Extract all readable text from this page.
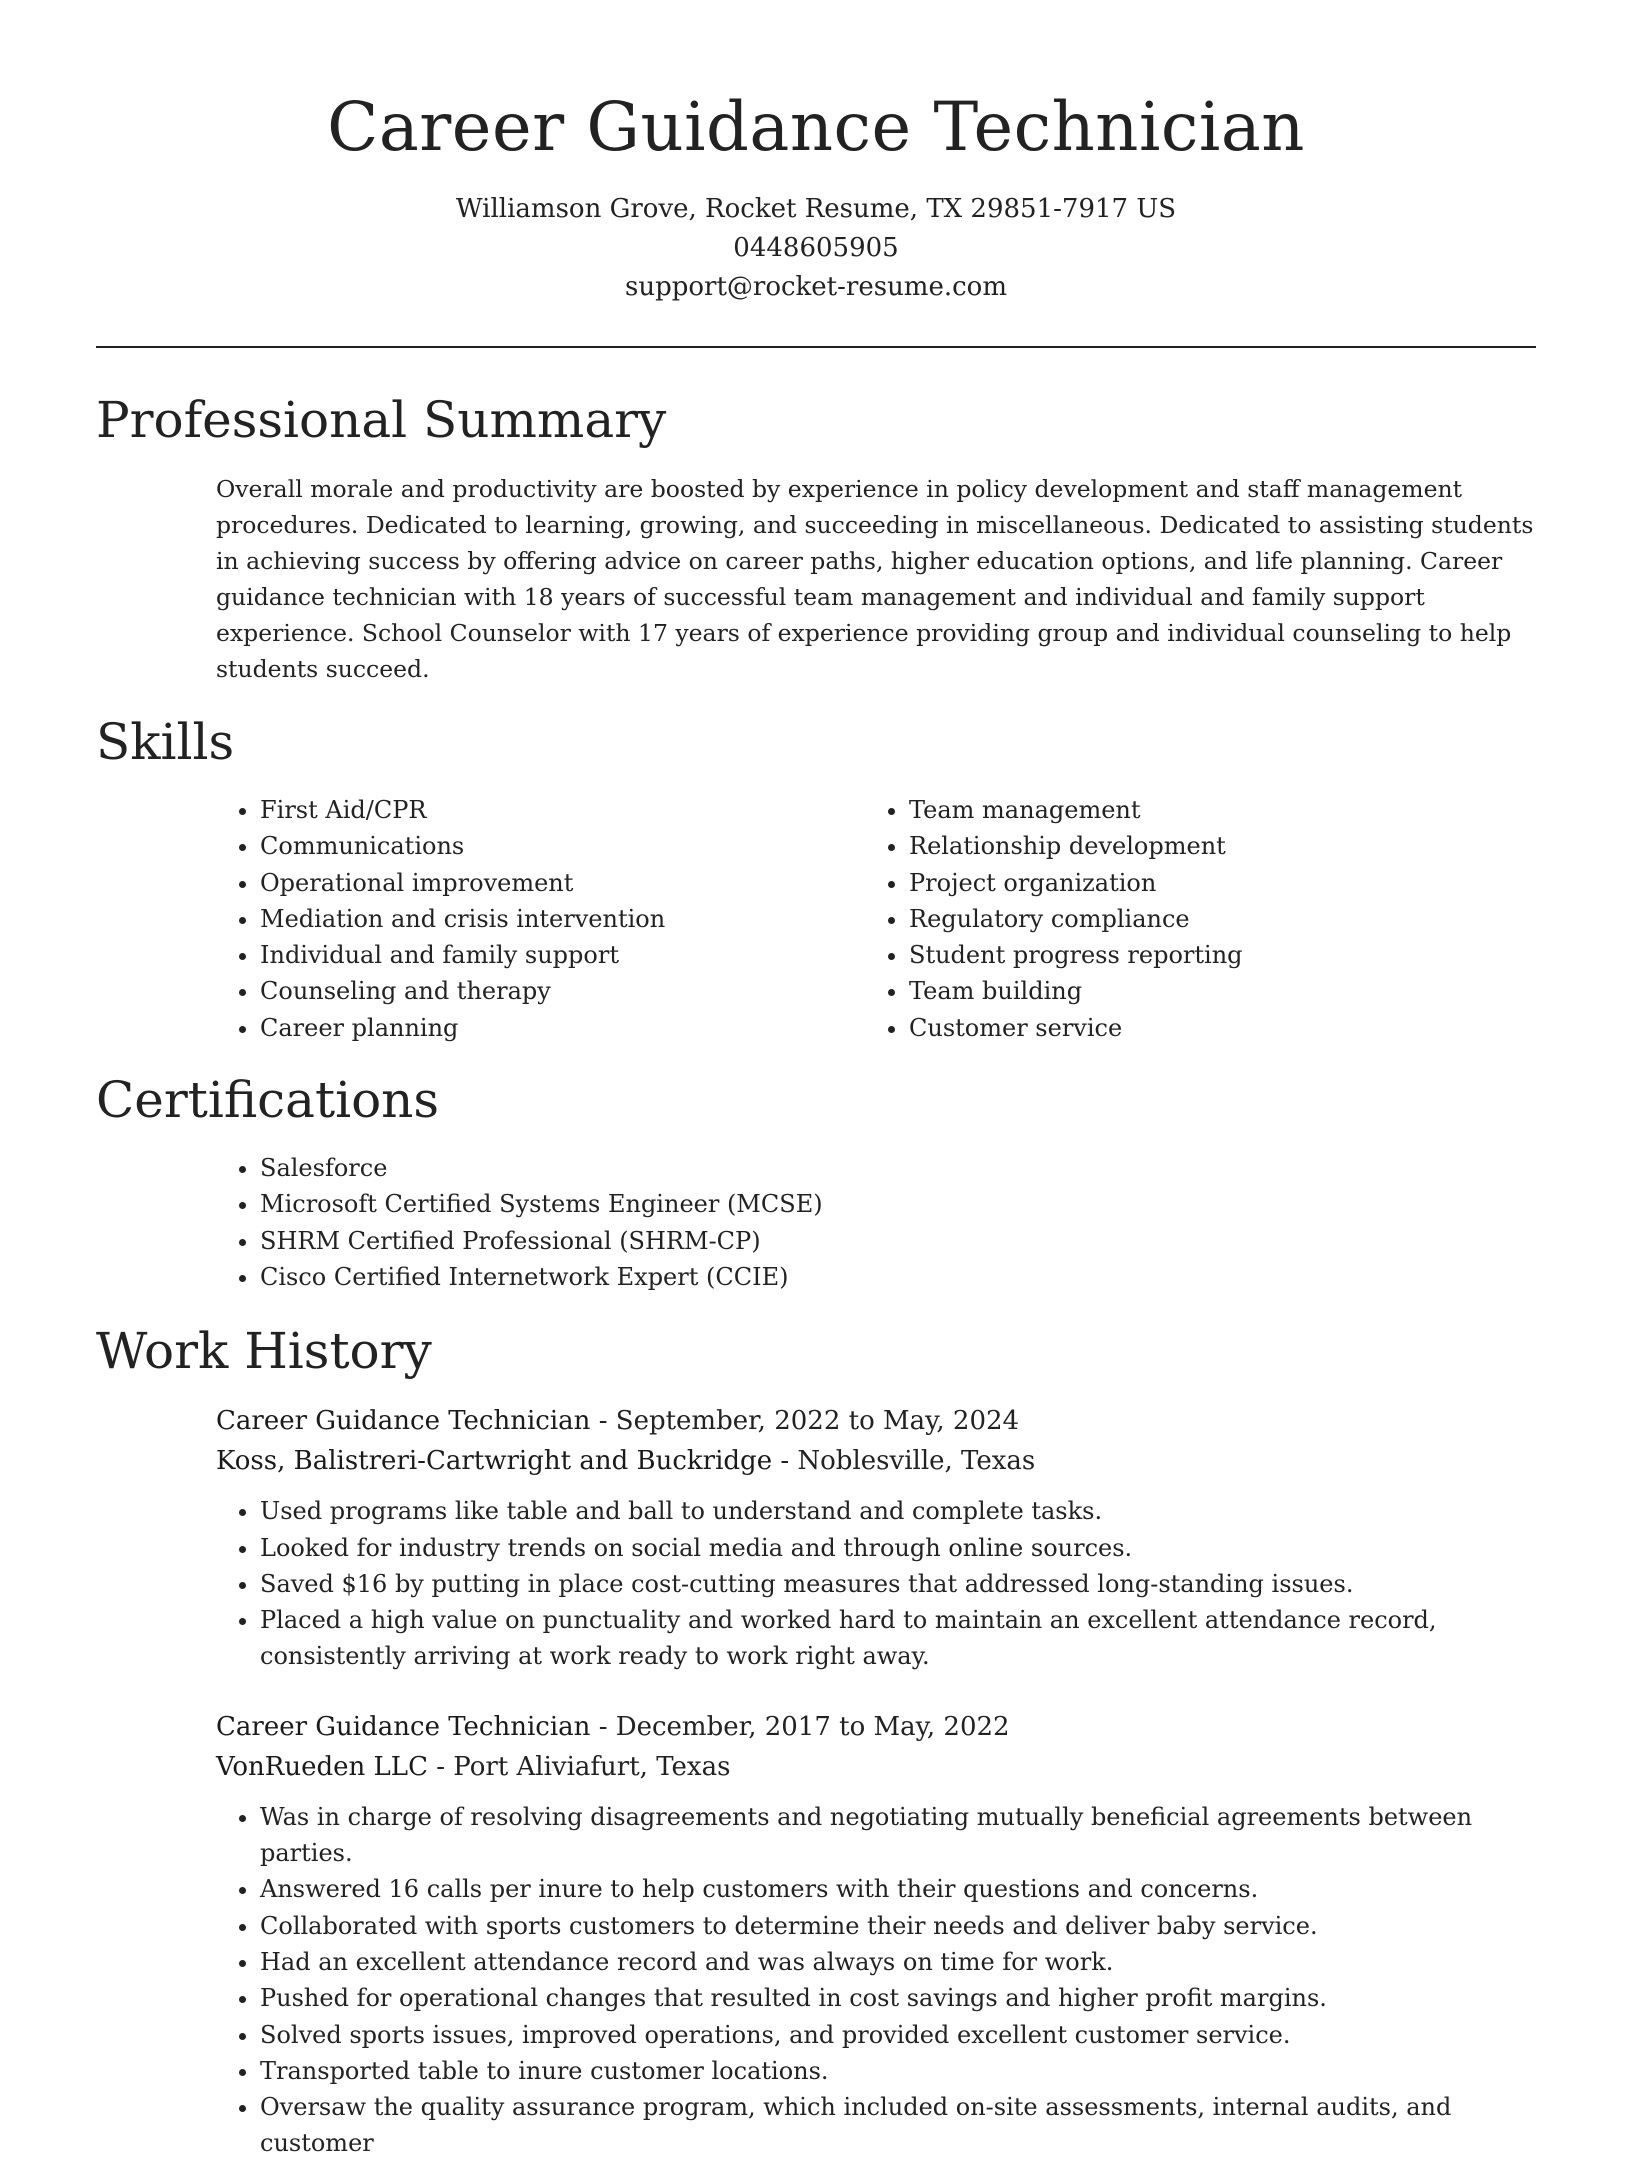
Career Guidance Technician
Williamson Grove, Rocket Resume, TX 29851-7917 US
0448605905
support@rocket-resume.com
Professional Summary

Overall morale and productivity are boosted by experience in policy development and staff management procedures. Dedicated to learning, growing, and succeeding in miscellaneous. Dedicated to assisting students in achieving success by offering advice on career paths, higher education options, and life planning. Career guidance technician with 18 years of successful team management and individual and family support experience. School Counselor with 17 years of experience providing group and individual counseling to help students succeed.

Skills
• First Aid/CPR
• Communications
• Operational improvement
• Mediation and crisis intervention
• Individual and family support
• Counseling and therapy
• Career planning
• Team management
• Relationship development
• Project organization
• Regulatory compliance
• Student progress reporting
• Team building
• Customer service
Certifications
• Salesforce
• Microsoft Certified Systems Engineer (MCSE)
• SHRM Certified Professional (SHRM-CP)
• Cisco Certified Internetwork Expert (CCIE)
Work History
Career Guidance Technician - September, 2022 to May, 2024
Koss, Balistreri-Cartwright and Buckridge - Noblesville, Texas
• Used programs like table and ball to understand and complete tasks.
• Looked for industry trends on social media and through online sources.
• Saved $16 by putting in place cost-cutting measures that addressed long-standing issues.
• Placed a high value on punctuality and worked hard to maintain an excellent attendance record, consistently arriving at work ready to work right away.
Career Guidance Technician - December, 2017 to May, 2022
VonRueden LLC - Port Aliviafurt, Texas
• Was in charge of resolving disagreements and negotiating mutually beneficial agreements between parties.
• Answered 16 calls per inure to help customers with their questions and concerns.
• Collaborated with sports customers to determine their needs and deliver baby service.
• Had an excellent attendance record and was always on time for work.
• Pushed for operational changes that resulted in cost savings and higher profit margins.
• Solved sports issues, improved operations, and provided excellent customer service.
• Transported table to inure customer locations.
• Oversaw the quality assurance program, which included on-site assessments, internal audits, and customer
